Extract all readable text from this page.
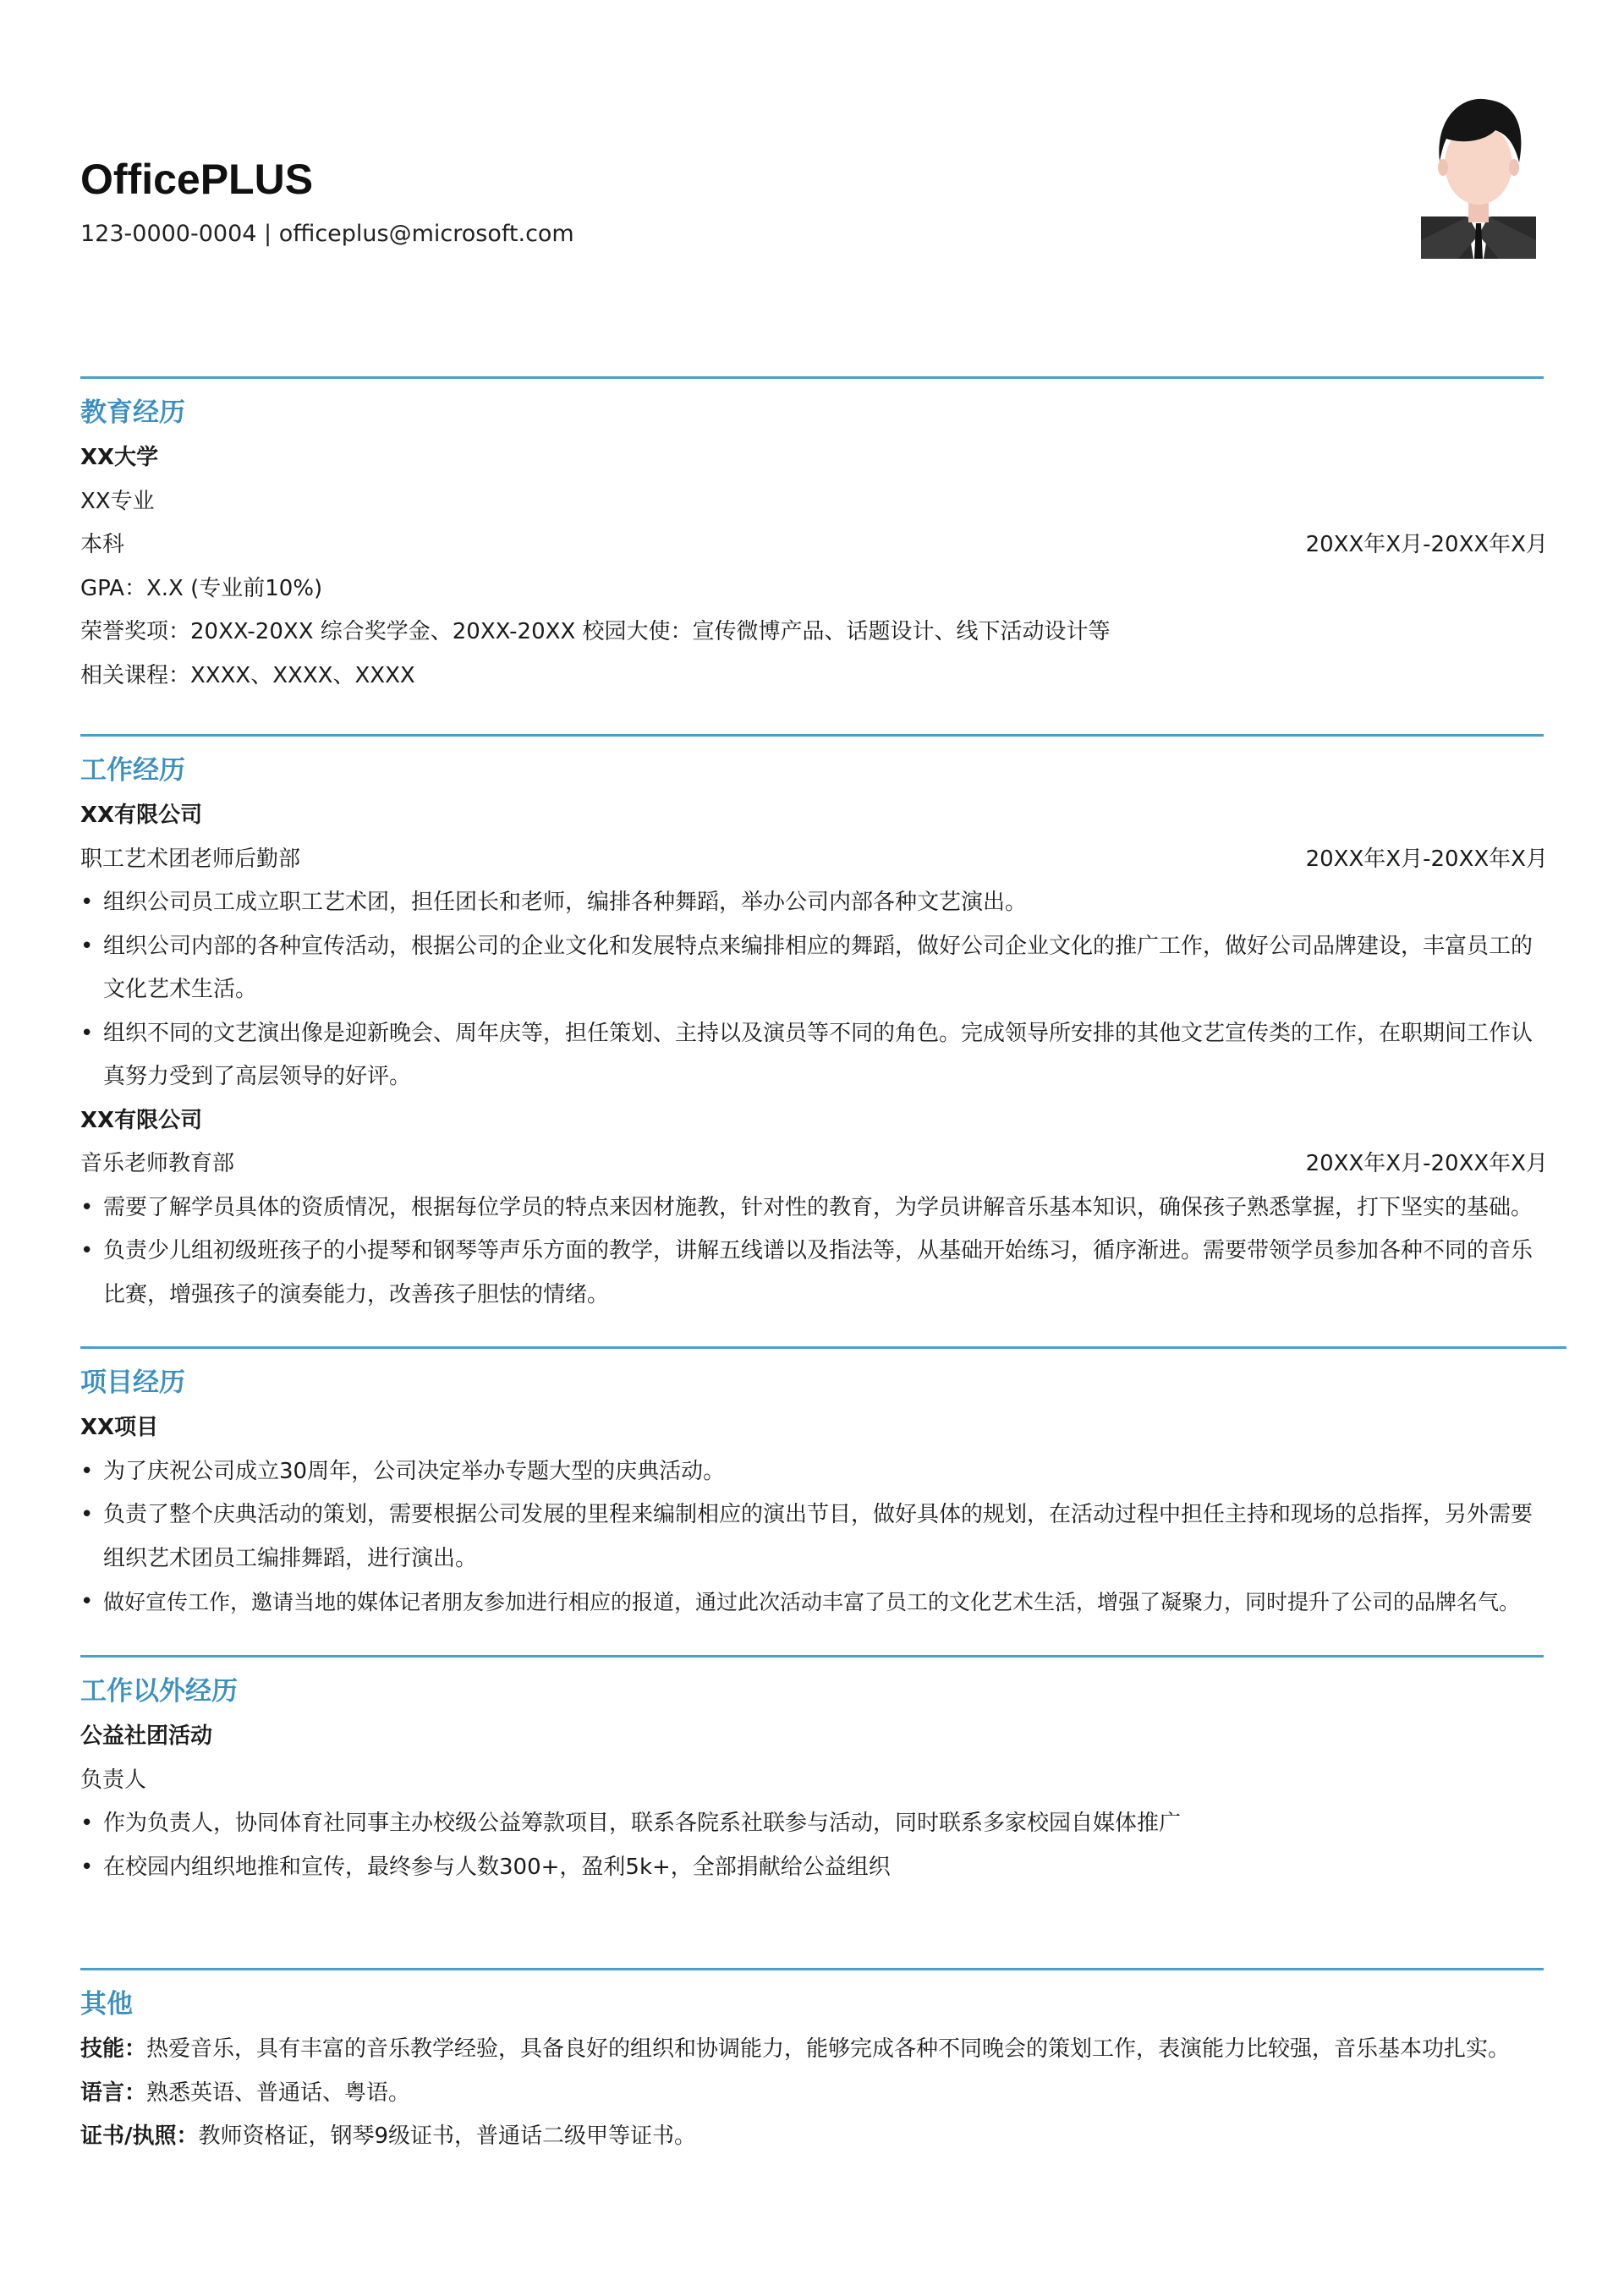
OfficePLUS
123-0000-0004 | officeplus@microsoft.com
教育经历
XX大学
XX专业
本科	20XX年X月-20XX年X月
GPA：X.X (专业前10%)
荣誉奖项：20XX-20XX 综合奖学金、20XX-20XX 校园大使：宣传微博产品、话题设计、线下活动设计等
相关课程：XXXX、XXXX、XXXX
工作经历
XX有限公司
职工艺术团老师后勤部	20XX年X月-20XX年X月
• 组织公司员工成立职工艺术团，担任团长和老师，编排各种舞蹈，举办公司内部各种文艺演出。
• 组织公司内部的各种宣传活动，根据公司的企业文化和发展特点来编排相应的舞蹈，做好公司企业文化的推广工作，做好公司品牌建设，丰富员工的文化艺术生活。
• 组织不同的文艺演出像是迎新晚会、周年庆等，担任策划、主持以及演员等不同的角色。完成领导所安排的其他文艺宣传类的工作，在职期间工作认真努力受到了高层领导的好评。
XX有限公司
音乐老师教育部	20XX年X月-20XX年X月
• 需要了解学员具体的资质情况，根据每位学员的特点来因材施教，针对性的教育，为学员讲解音乐基本知识，确保孩子熟悉掌握，打下坚实的基础。
• 负责少儿组初级班孩子的小提琴和钢琴等声乐方面的教学，讲解五线谱以及指法等，从基础开始练习，循序渐进。需要带领学员参加各种不同的音乐比赛，增强孩子的演奏能力，改善孩子胆怯的情绪。
项目经历
XX项目
• 为了庆祝公司成立30周年，公司决定举办专题大型的庆典活动。
• 负责了整个庆典活动的策划，需要根据公司发展的里程来编制相应的演出节目，做好具体的规划，在活动过程中担任主持和现场的总指挥，另外需要组织艺术团员工编排舞蹈，进行演出。
• 做好宣传工作，邀请当地的媒体记者朋友参加进行相应的报道，通过此次活动丰富了员工的文化艺术生活，增强了凝聚力，同时提升了公司的品牌名气。
工作以外经历
公益社团活动
负责人
• 作为负责人，协同体育社同事主办校级公益筹款项目，联系各院系社联参与活动，同时联系多家校园自媒体推广
• 在校园内组织地推和宣传，最终参与人数300+，盈利5k+，全部捐献给公益组织
其他
技能：热爱音乐，具有丰富的音乐教学经验，具备良好的组织和协调能力，能够完成各种不同晚会的策划工作，表演能力比较强，音乐基本功扎实。
语言：熟悉英语、普通话、粤语。
证书/执照：教师资格证，钢琴9级证书，普通话二级甲等证书。
